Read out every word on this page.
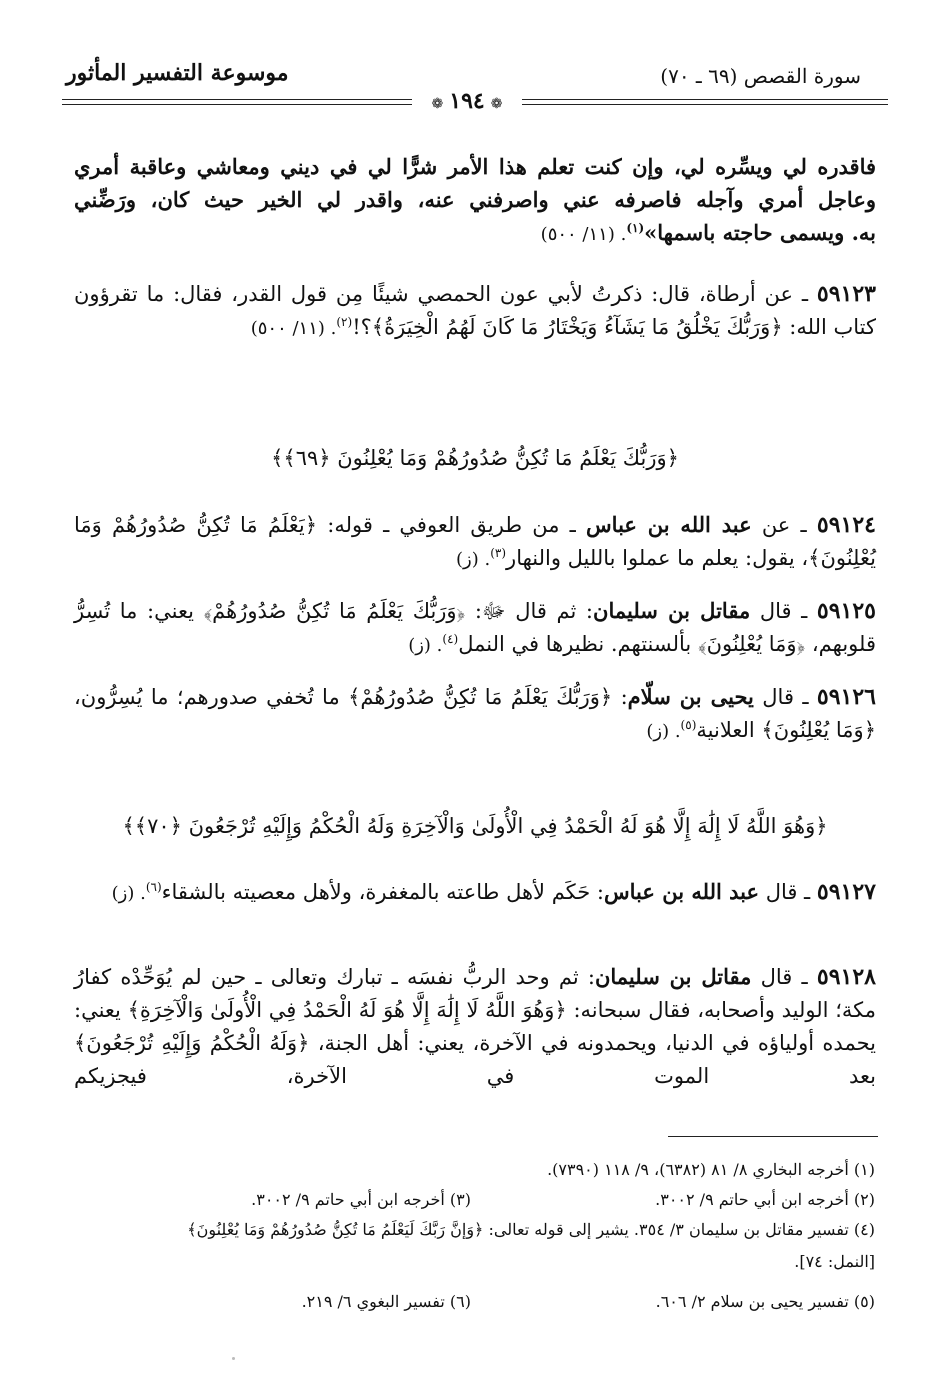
سورة القصص (٦٩ ـ ٧٠)
موسوعة التفسير المأثور
❁١٩٤❁
فاقدره لي ويسِّره لي، وإن كنت تعلم هذا الأمر شرًّا لي في ديني ومعاشي وعاقبة أمري
وعاجل أمري وآجله فاصرفه عني واصرفني عنه، واقدر لي الخير حيث كان، ورَضِّني
به. ويسمى حاجته باسمها»$^{(١)}$. (١١/ ٥٠٠)
٥٩١٢٣ ـ عن أرطاة، قال: ذكرتُ لأبي عون الحمصي شيئًا مِن قول القدر، فقال: ما تقرؤون كتاب الله: ﴿وَرَبُّكَ يَخْلُقُ مَا يَشَآءُ وَيَخْتَارُ مَا كَانَ لَهُمُ الْخِيَرَةُ﴾؟!$^{(٢)}$. (١١/ ٥٠٠)
﴿وَرَبُّكَ يَعْلَمُ مَا تُكِنُّ صُدُورُهُمْ وَمَا يُعْلِنُونَ ﴿٦٩﴾﴾
٥٩١٢٤ ـ عن عبد الله بن عباس ـ من طريق العوفي ـ قوله: ﴿يَعْلَمُ مَا تُكِنُّ صُدُورُهُمْ وَمَا يُعْلِنُونَ﴾، يقول: يعلم ما عملوا بالليل والنهار$^{(٣)}$. (ز)
٥٩١٢٥ ـ قال مقاتل بن سليمان: ثم قال ﷻ: ﴿وَرَبُّكَ يَعْلَمُ مَا تُكِنُّ صُدُورُهُمْ﴾ يعني: ما تُسِرُّ قلوبهم، ﴿وَمَا يُعْلِنُونَ﴾ بألسنتهم. نظيرها في النمل$^{(٤)}$. (ز)
٥٩١٢٦ ـ قال يحيى بن سلّام: ﴿وَرَبُّكَ يَعْلَمُ مَا تُكِنُّ صُدُورُهُمْ﴾ ما تُخفي صدورهم؛ ما يُسِرُّون، ﴿وَمَا يُعْلِنُونَ﴾ العلانية$^{(٥)}$. (ز)
﴿وَهُوَ اللَّهُ لَا إِلَٰهَ إِلَّا هُوَ لَهُ الْحَمْدُ فِي الْأُولَىٰ وَالْآخِرَةِ وَلَهُ الْحُكْمُ وَإِلَيْهِ تُرْجَعُونَ ﴿٧٠﴾﴾
٥٩١٢٧ ـ قال عبد الله بن عباس: حَكَم لأهل طاعته بالمغفرة، ولأهل معصيته بالشقاء$^{(٦)}$. (ز)
٥٩١٢٨ ـ قال مقاتل بن سليمان: ثم وحد الربُّ نفسَه ـ تبارك وتعالى ـ حين لم يُوَحِّدْه كفارُ مكة؛ الوليد وأصحابه، فقال سبحانه: ﴿وَهُوَ اللَّهُ لَا إِلَٰهَ إِلَّا هُوَ لَهُ الْحَمْدُ فِي الْأُولَىٰ وَالْآخِرَةِ﴾ يعني: يحمده أولياؤه في الدنيا، ويحمدونه في الآخرة، يعني: أهل الجنة، ﴿وَلَهُ الْحُكْمُ وَإِلَيْهِ تُرْجَعُونَ﴾ بعد الموت في الآخرة، فيجزيكم
(١) أخرجه البخاري ٨/ ٨١ (٦٣٨٢)، ٩/ ١١٨ (٧٣٩٠).
(٢) أخرجه ابن أبي حاتم ٩/ ٣٠٠٢.
(٣) أخرجه ابن أبي حاتم ٩/ ٣٠٠٢.
(٤) تفسير مقاتل بن سليمان ٣/ ٣٥٤. يشير إلى قوله تعالى: ﴿وَإِنَّ رَبَّكَ لَيَعْلَمُ مَا تُكِنُّ صُدُورُهُمْ وَمَا يُعْلِنُونَ﴾
[النمل: ٧٤].
(٥) تفسير يحيى بن سلام ٢/ ٦٠٦.
(٦) تفسير البغوي ٦/ ٢١٩.
